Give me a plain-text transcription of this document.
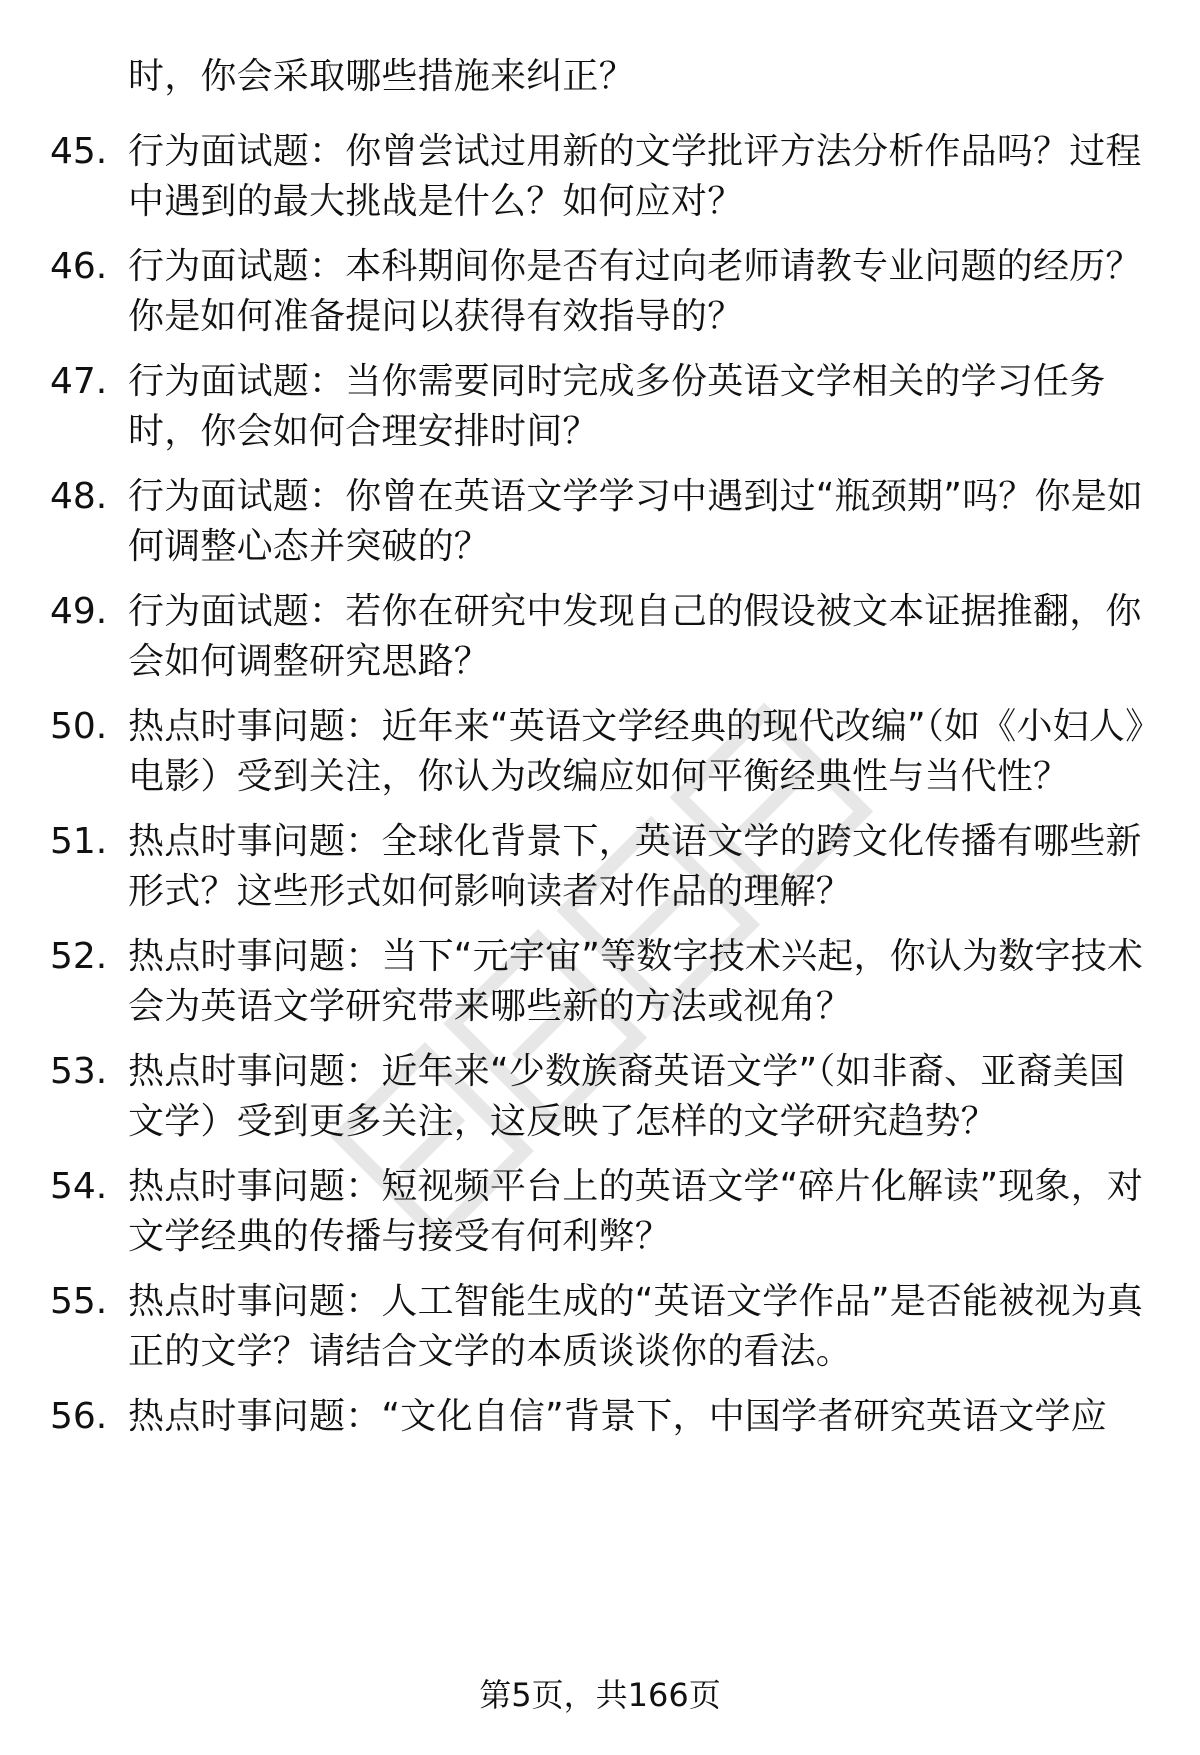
时，你会采取哪些措施来纠正？
45. 行为面试题：你曾尝试过用新的文学批评方法分析作品吗？过程中遇到的最大挑战是什么？如何应对？
46. 行为面试题：本科期间你是否有过向老师请教专业问题的经历？你是如何准备提问以获得有效指导的？
47. 行为面试题：当你需要同时完成多份英语文学相关的学习任务时，你会如何合理安排时间？
48. 行为面试题：你曾在英语文学学习中遇到过“瓶颈期”吗？你是如何调整心态并突破的？
49. 行为面试题：若你在研究中发现自己的假设被文本证据推翻，你会如何调整研究思路？
50. 热点时事问题：近年来“英语文学经典的现代改编”（如《小妇人》电影）受到关注，你认为改编应如何平衡经典性与当代性？
51. 热点时事问题：全球化背景下，英语文学的跨文化传播有哪些新形式？这些形式如何影响读者对作品的理解？
52. 热点时事问题：当下“元宇宙”等数字技术兴起，你认为数字技术会为英语文学研究带来哪些新的方法或视角？
53. 热点时事问题：近年来“少数族裔英语文学”（如非裔、亚裔美国文学）受到更多关注，这反映了怎样的文学研究趋势？
54. 热点时事问题：短视频平台上的英语文学“碎片化解读”现象，对文学经典的传播与接受有何利弊？
55. 热点时事问题：人工智能生成的“英语文学作品”是否能被视为真正的文学？请结合文学的本质谈谈你的看法。
56. 热点时事问题：“文化自信”背景下，中国学者研究英语文学应
第5页，共166页
